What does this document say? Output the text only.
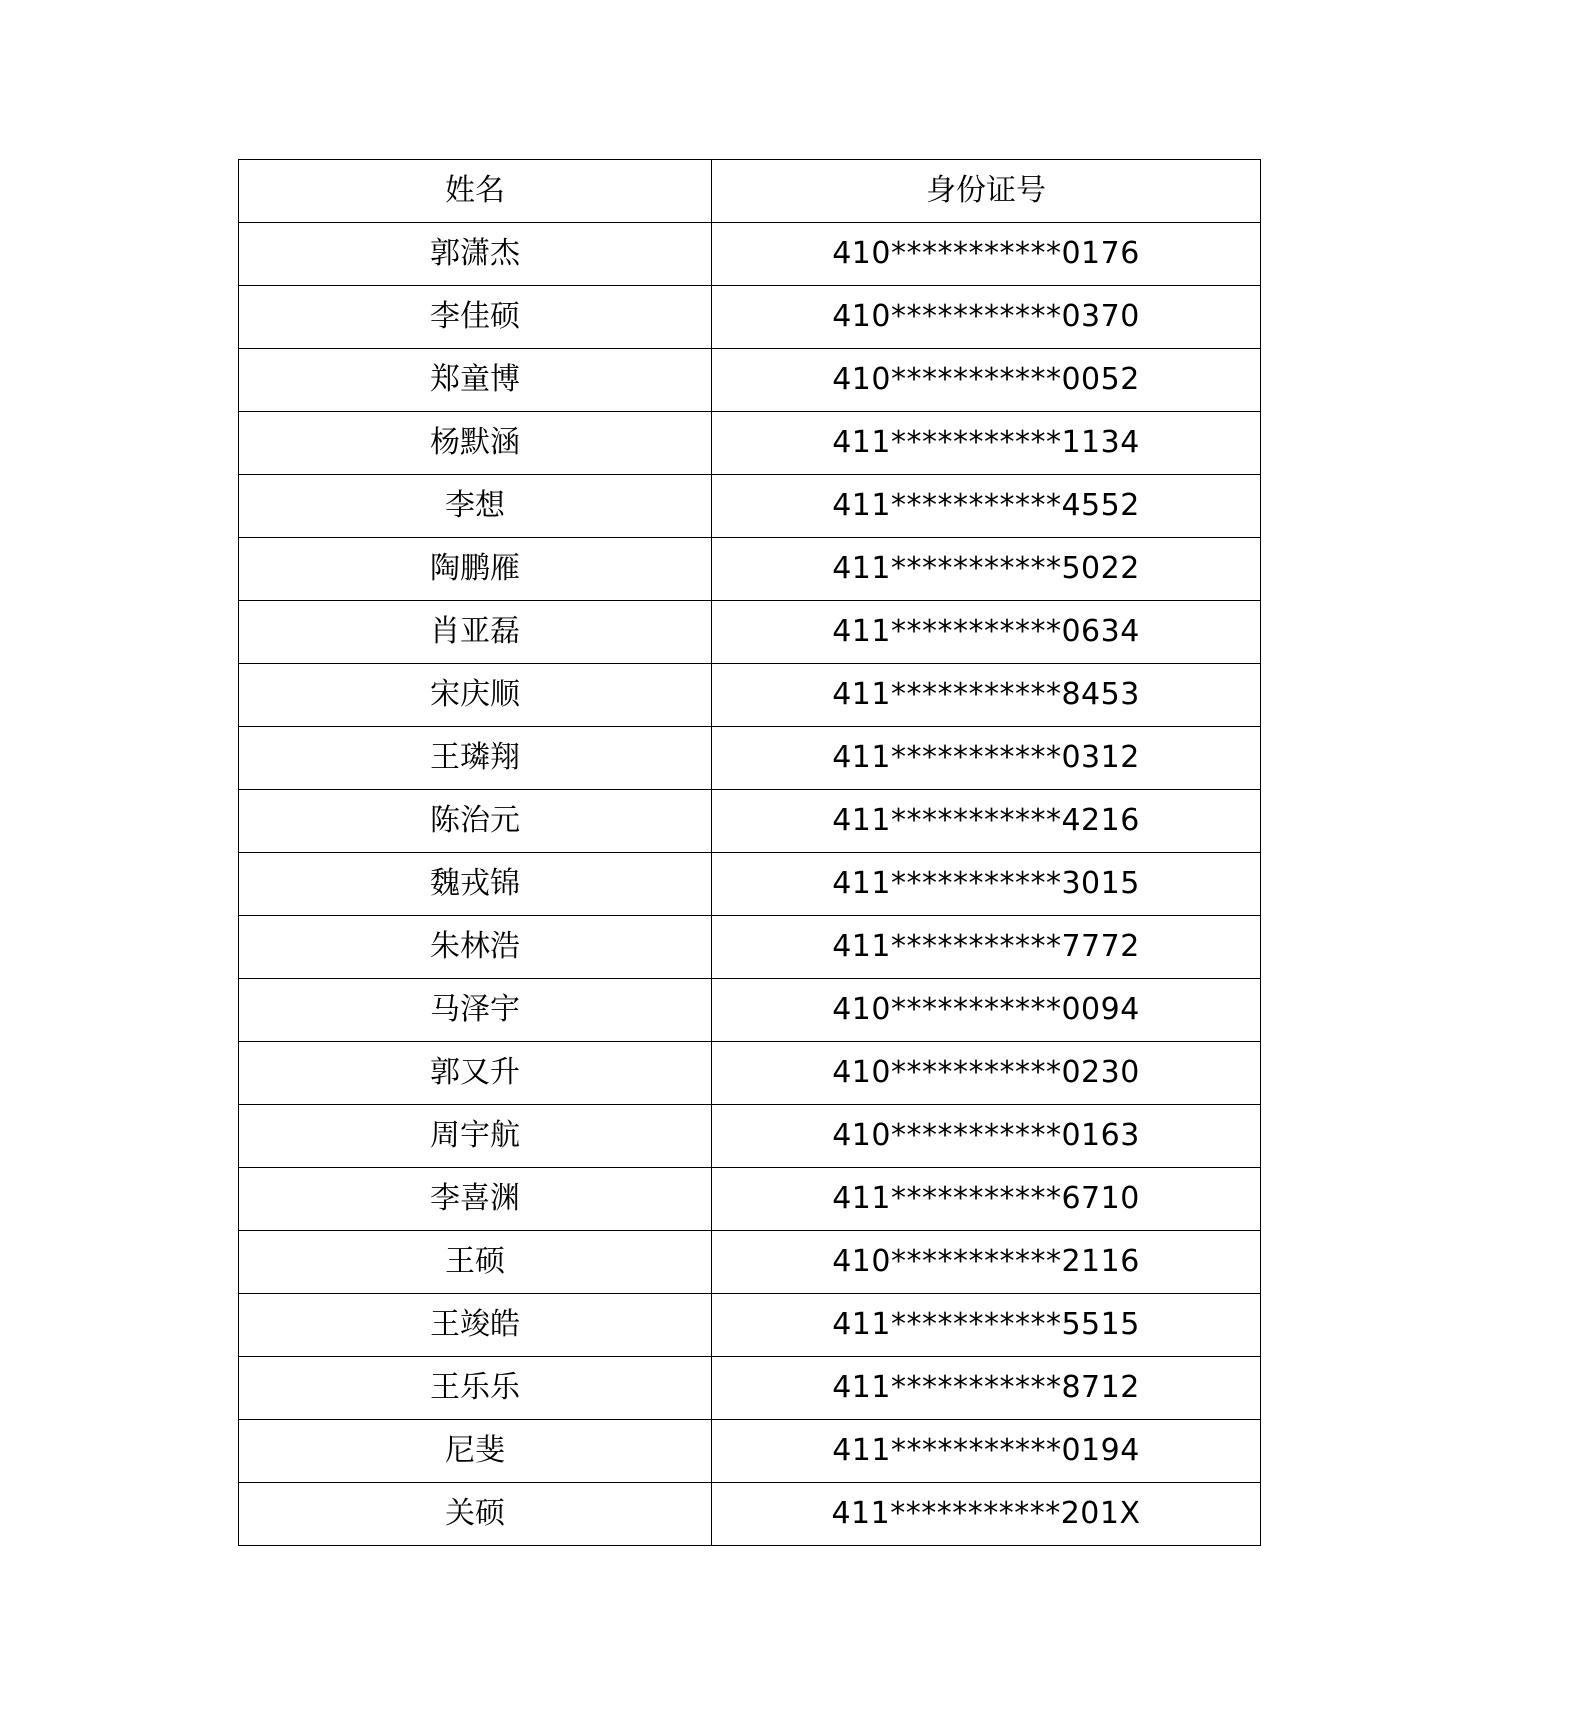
姓名	身份证号
郭潇杰	410***********0176
李佳硕	410***********0370
郑童博	410***********0052
杨默涵	411***********1134
李想	411***********4552
陶鹏雁	411***********5022
肖亚磊	411***********0634
宋庆顺	411***********8453
王璘翔	411***********0312
陈治元	411***********4216
魏戎锦	411***********3015
朱林浩	411***********7772
马泽宇	410***********0094
郭又升	410***********0230
周宇航	410***********0163
李喜渊	411***********6710
王硕	410***********2116
王竣皓	411***********5515
王乐乐	411***********8712
尼斐	411***********0194
关硕	411***********201X
